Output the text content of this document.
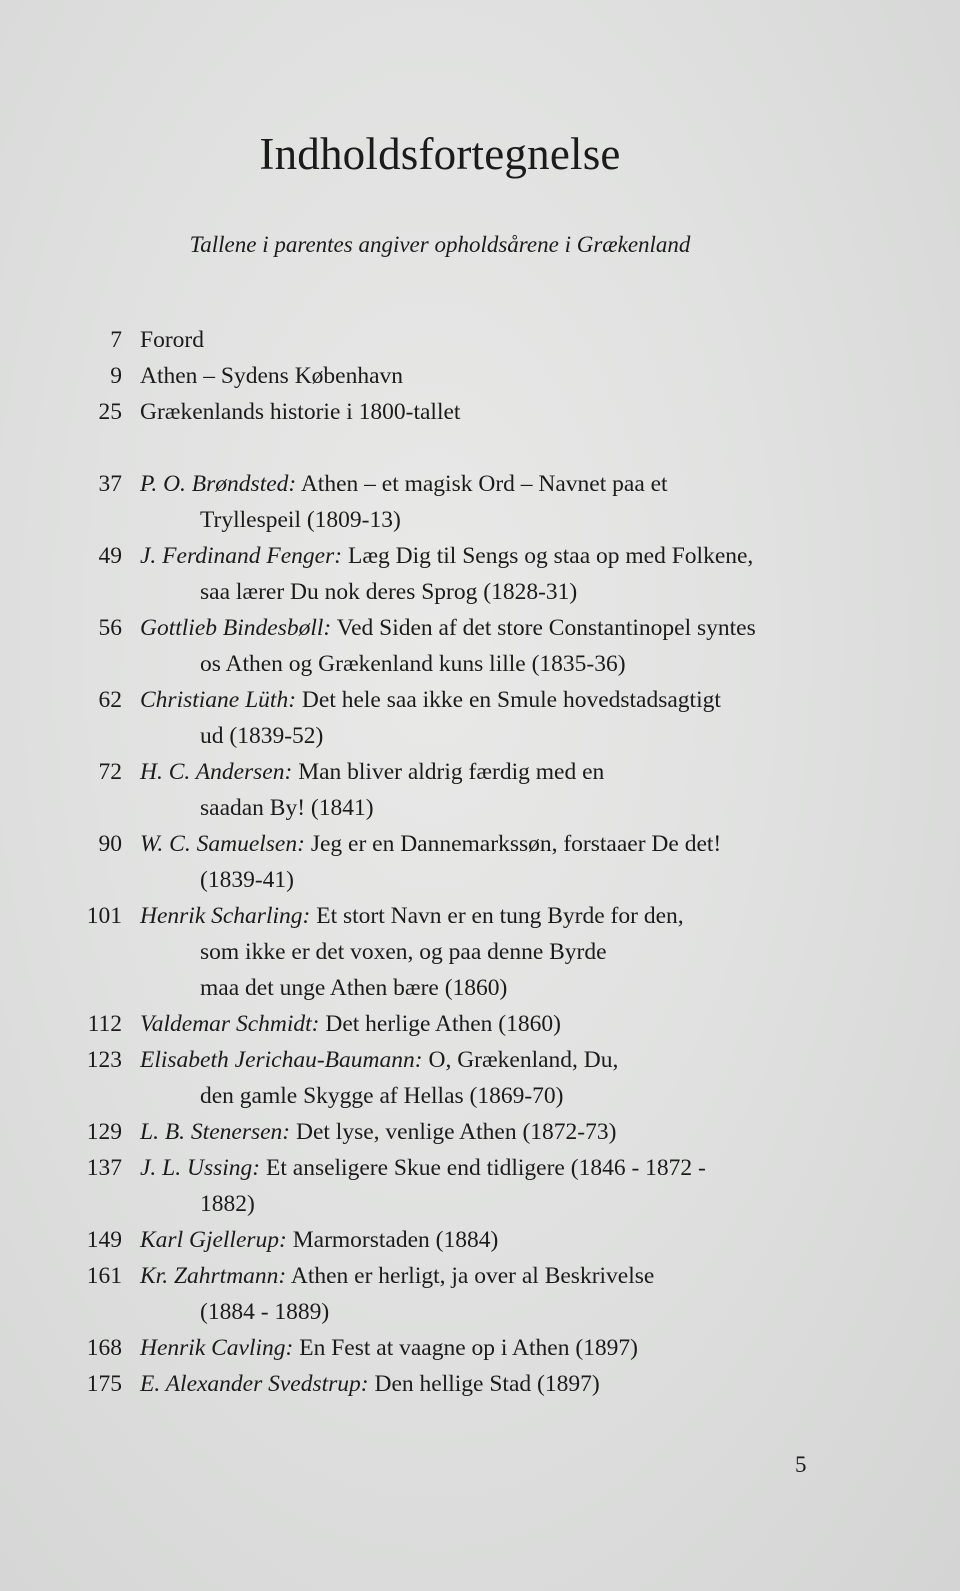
Indholdsfortegnelse
Tallene i parentes angiver opholdsårene i Grækenland
7 Forord
9 Athen – Sydens København
25 Grækenlands historie i 1800-tallet
37 P. O. Brøndsted: Athen – et magisk Ord – Navnet paa et
Tryllespeil (1809-13)
49 J. Ferdinand Fenger: Læg Dig til Sengs og staa op med Folkene,
saa lærer Du nok deres Sprog (1828-31)
56 Gottlieb Bindesbøll: Ved Siden af det store Constantinopel syntes
os Athen og Grækenland kuns lille (1835-36)
62 Christiane Lüth: Det hele saa ikke en Smule hovedstadsagtigt
ud (1839-52)
72 H. C. Andersen: Man bliver aldrig færdig med en
saadan By! (1841)
90 W. C. Samuelsen: Jeg er en Dannemarkssøn, forstaaer De det!
(1839-41)
101 Henrik Scharling: Et stort Navn er en tung Byrde for den,
som ikke er det voxen, og paa denne Byrde
maa det unge Athen bære (1860)
112 Valdemar Schmidt: Det herlige Athen (1860)
123 Elisabeth Jerichau-Baumann: O, Grækenland, Du,
den gamle Skygge af Hellas (1869-70)
129 L. B. Stenersen: Det lyse, venlige Athen (1872-73)
137 J. L. Ussing: Et anseligere Skue end tidligere (1846 - 1872 -
1882)
149 Karl Gjellerup: Marmorstaden (1884)
161 Kr. Zahrtmann: Athen er herligt, ja over al Beskrivelse
(1884 - 1889)
168 Henrik Cavling: En Fest at vaagne op i Athen (1897)
175 E. Alexander Svedstrup: Den hellige Stad (1897)
5
